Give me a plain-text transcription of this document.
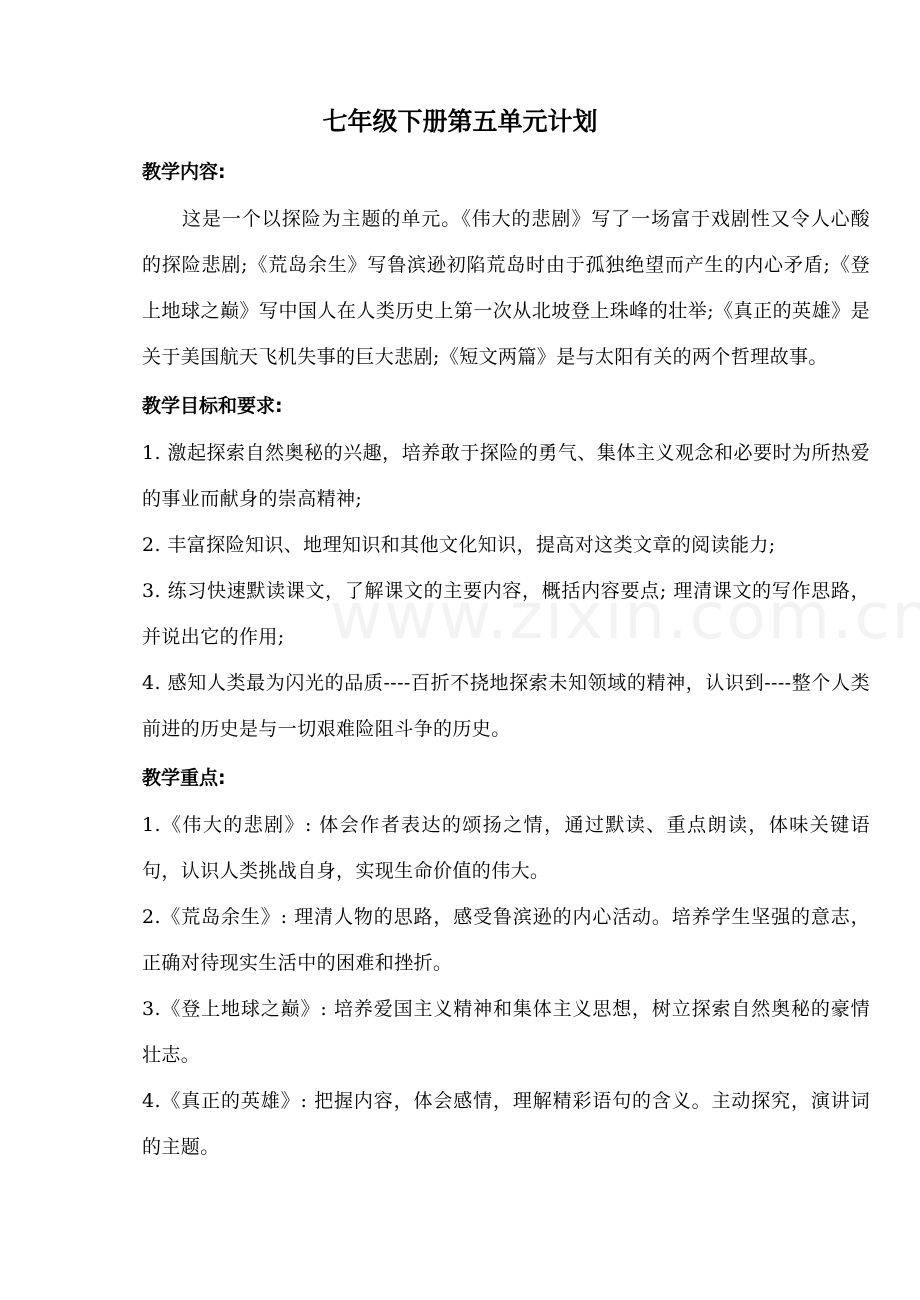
七年级下册第五单元计划
教学内容:

这是一个以探险为主题的单元。《伟大的悲剧》写了一场富于戏剧性又令人心酸的探险悲剧;《荒岛余生》写鲁滨逊初陷荒岛时由于孤独绝望而产生的内心矛盾;《登上地球之巅》写中国人在人类历史上第一次从北坡登上珠峰的壮举;《真正的英雄》是关于美国航天飞机失事的巨大悲剧;《短文两篇》是与太阳有关的两个哲理故事。

教学目标和要求:

1. 激起探索自然奥秘的兴趣，培养敢于探险的勇气、集体主义观念和必要时为所热爱的事业而献身的崇高精神;

2. 丰富探险知识、地理知识和其他文化知识，提高对这类文章的阅读能力;

3. 练习快速默读课文，了解课文的主要内容，概括内容要点; 理清课文的写作思路，并说出它的作用;

4. 感知人类最为闪光的品质----百折不挠地探索未知领域的精神，认识到----整个人类前进的历史是与一切艰难险阻斗争的历史。

教学重点:

1.《伟大的悲剧》: 体会作者表达的颂扬之情，通过默读、重点朗读，体味关键语句，认识人类挑战自身，实现生命价值的伟大。

2.《荒岛余生》: 理清人物的思路，感受鲁滨逊的内心活动。培养学生坚强的意志，正确对待现实生活中的困难和挫折。

3.《登上地球之巅》: 培养爱国主义精神和集体主义思想，树立探索自然奥秘的豪情壮志。

4.《真正的英雄》: 把握内容，体会感情，理解精彩语句的含义。主动探究，演讲词的主题。
